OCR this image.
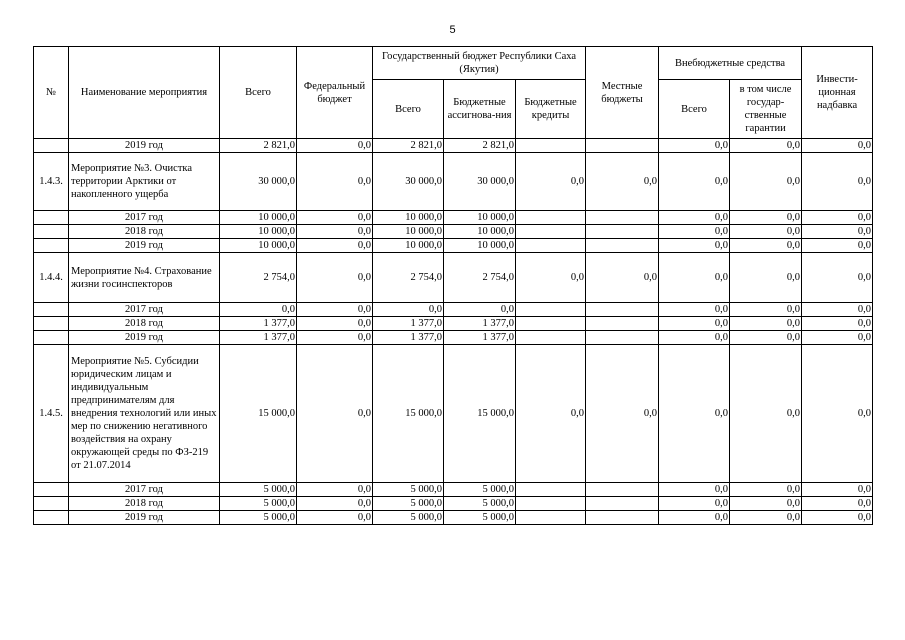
5
№	Наименование мероприятия	Всего	Федеральный бюджет	Государственный бюджет Республики Саха (Якутия)			Местные бюджеты	Внебюджетные средства		Инвести-ционная надбавка
				Всего	Бюджетные ассигнова-ния	Бюджетные кредиты		Всего	в том числе государ-ственные гарантии	
	2019 год	2 821,0	0,0	2 821,0	2 821,0			0,0	0,0	0,0
1.4.3.	Мероприятие №3. Очистка территории Арктики от накопленного ущерба	30 000,0	0,0	30 000,0	30 000,0	0,0	0,0	0,0	0,0	0,0
	2017 год	10 000,0	0,0	10 000,0	10 000,0			0,0	0,0	0,0
	2018 год	10 000,0	0,0	10 000,0	10 000,0			0,0	0,0	0,0
	2019 год	10 000,0	0,0	10 000,0	10 000,0			0,0	0,0	0,0
1.4.4.	Мероприятие №4. Страхование жизни госинспекторов	2 754,0	0,0	2 754,0	2 754,0	0,0	0,0	0,0	0,0	0,0
	2017 год	0,0	0,0	0,0	0,0			0,0	0,0	0,0
	2018 год	1 377,0	0,0	1 377,0	1 377,0			0,0	0,0	0,0
	2019 год	1 377,0	0,0	1 377,0	1 377,0			0,0	0,0	0,0
1.4.5.	Мероприятие №5. Субсидии юридическим лицам и индивидуальным предпринимателям для внедрения технологий или иных мер по снижению негативного воздействия на охрану окружающей среды по ФЗ-219 от 21.07.2014	15 000,0	0,0	15 000,0	15 000,0	0,0	0,0	0,0	0,0	0,0
	2017 год	5 000,0	0,0	5 000,0	5 000,0			0,0	0,0	0,0
	2018 год	5 000,0	0,0	5 000,0	5 000,0			0,0	0,0	0,0
	2019 год	5 000,0	0,0	5 000,0	5 000,0			0,0	0,0	0,0
